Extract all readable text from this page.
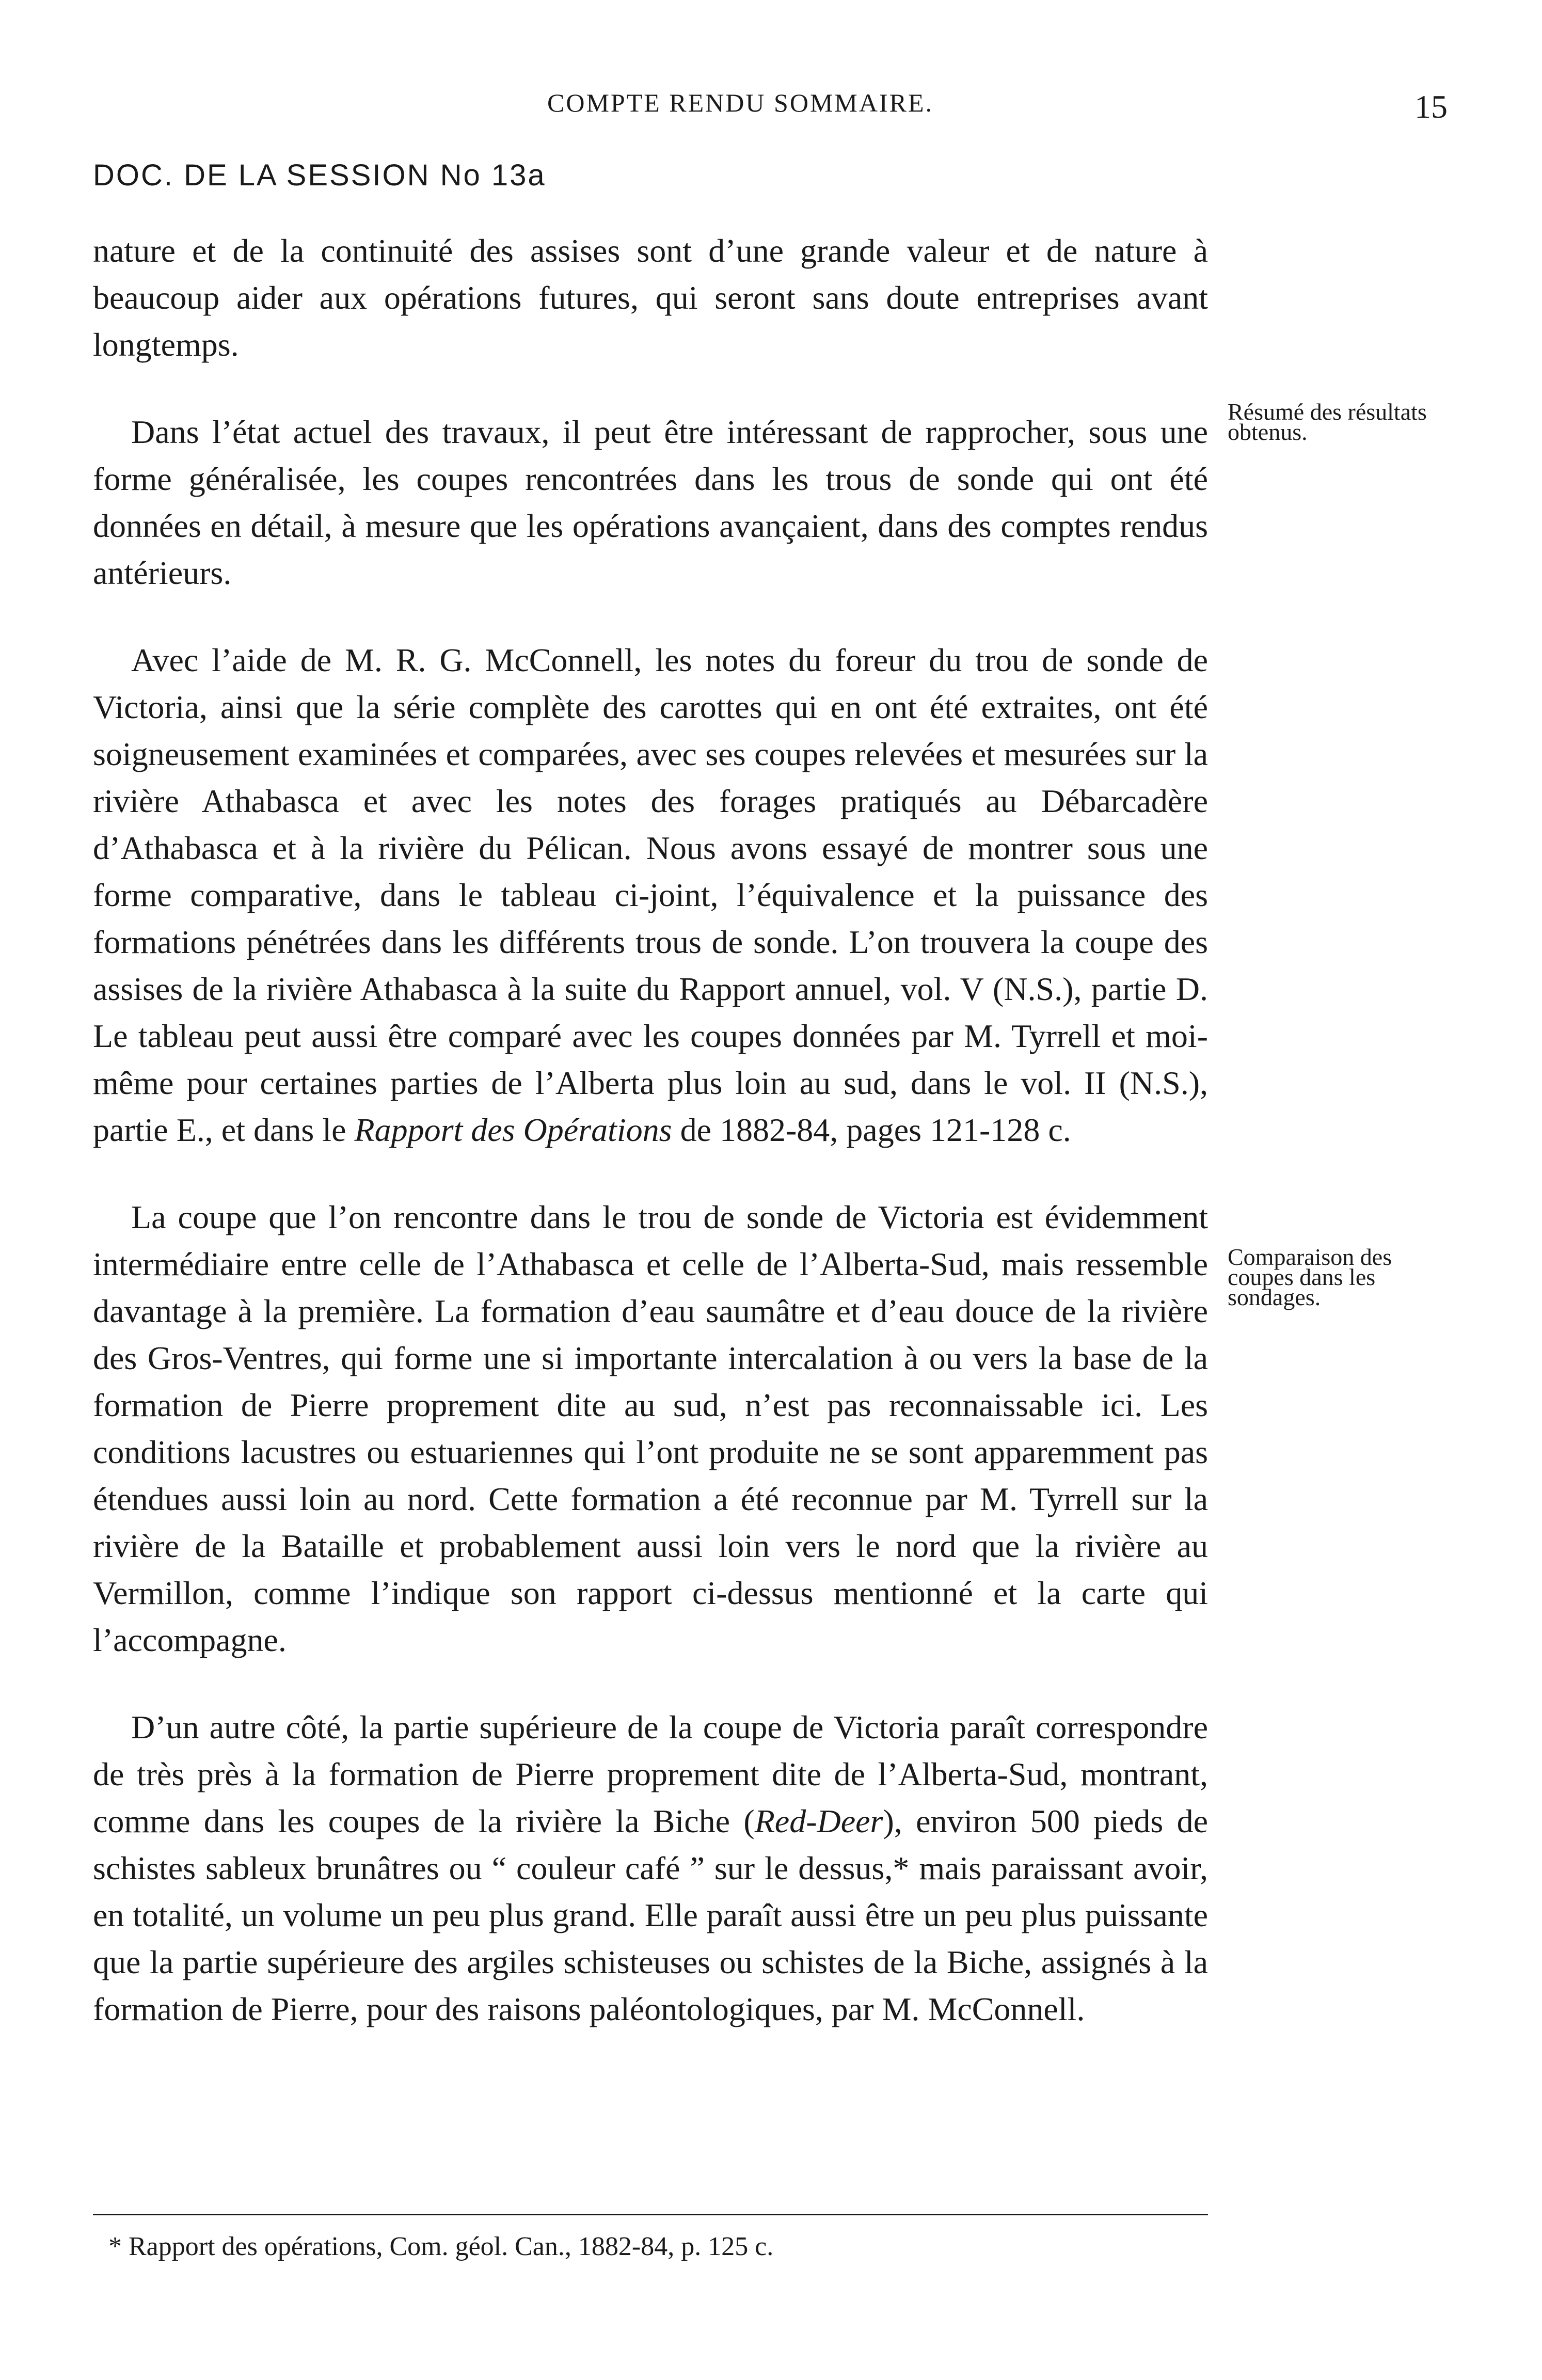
COMPTE RENDU SOMMAIRE.	15
DOC. DE LA SESSION No 13a

nature et de la continuité des assises sont d’une grande valeur et de nature à beaucoup aider aux opérations futures, qui seront sans doute entreprises avant longtemps.

Dans l’état actuel des travaux, il peut être intéressant de rapprocher, sous une forme généralisée, les coupes rencontrées dans les trous de sonde qui ont été données en détail, à mesure que les opérations avançaient, dans des comptes rendus antérieurs.

Avec l’aide de M. R. G. McConnell, les notes du foreur du trou de sonde de Victoria, ainsi que la série complète des carottes qui en ont été extraites, ont été soigneusement examinées et comparées, avec ses coupes relevées et mesurées sur la rivière Athabasca et avec les notes des forages pratiqués au Débarcadère d’Athabasca et à la rivière du Pélican. Nous avons essayé de montrer sous une forme comparative, dans le tableau ci-joint, l’équivalence et la puissance des formations pénétrées dans les différents trous de sonde. L’on trouvera la coupe des assises de la rivière Athabasca à la suite du Rapport annuel, vol. V (N.S.), partie D. Le tableau peut aussi être comparé avec les coupes données par M. Tyrrell et moi-même pour certaines parties de l’Alberta plus loin au sud, dans le vol. II (N.S.), partie E., et dans le Rapport des Opérations de 1882-84, pages 121-128 c.

La coupe que l’on rencontre dans le trou de sonde de Victoria est évidemment intermédiaire entre celle de l’Athabasca et celle de l’Alberta-Sud, mais ressemble davantage à la première. La formation d’eau saumâtre et d’eau douce de la rivière des Gros-Ventres, qui forme une si importante intercalation à ou vers la base de la formation de Pierre proprement dite au sud, n’est pas reconnaissable ici. Les conditions lacustres ou estuariennes qui l’ont produite ne se sont apparemment pas étendues aussi loin au nord. Cette formation a été reconnue par M. Tyrrell sur la rivière de la Bataille et probablement aussi loin vers le nord que la rivière au Vermillon, comme l’indique son rapport ci-dessus mentionné et la carte qui l’accompagne.

D’un autre côté, la partie supérieure de la coupe de Victoria paraît correspondre de très près à la formation de Pierre proprement dite de l’Alberta-Sud, montrant, comme dans les coupes de la rivière la Biche (Red-Deer), environ 500 pieds de schistes sableux brunâtres ou “ couleur café ” sur le dessus,* mais paraissant avoir, en totalité, un volume un peu plus grand. Elle paraît aussi être un peu plus puissante que la partie supérieure des argiles schisteuses ou schistes de la Biche, assignés à la formation de Pierre, pour des raisons paléontologiques, par M. McConnell.

Résumé des résultats obtenus.
Comparaison des coupes dans les sondages.
* Rapport des opérations, Com. géol. Can., 1882-84, p. 125 c.
